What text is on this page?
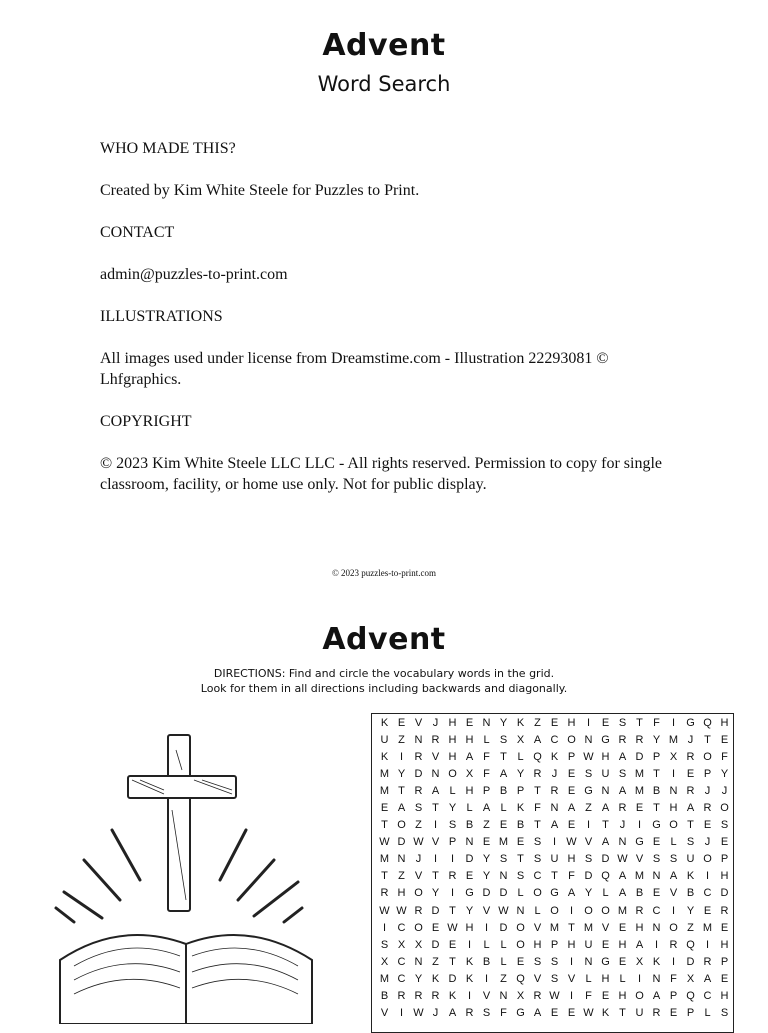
Advent
Word Search

WHO MADE THIS?

Created by Kim White Steele for Puzzles to Print.

CONTACT

admin@puzzles-to-print.com

ILLUSTRATIONS

All images used under license from Dreamstime.com - Illustration 22293081 © Lhfgraphics.

COPYRIGHT

© 2023 Kim White Steele LLC LLC - All rights reserved. Permission to copy for single classroom, facility, or home use only. Not for public display.

© 2023 puzzles-to-print.com
Advent
DIRECTIONS: Find and circle the vocabulary words in the grid.
Look for them in all directions including backwards and diagonally.
K E V J H E N Y K Z E H	I	E S T F	I	G Q H
U Z N R H H L S X A C O N G R R Y M J T E
K	I	R V H A F T L Q K P W H A D P X R O F
M Y D N O X F A Y R J E S U S M T	I	E P Y
M T R A L H P B P T R E G N A M B N R J	J
E A S T Y L A L K F N A Z A R E T H A R O
T O Z	I	S B Z E B T A E	I	T J	I	G O T E S
W D W V P N E M E S	I W V A N G E L S J E
M N J	I	I	D Y S T S U H S D W V S S U O P
T Z V T R E Y N S C T F D Q A M N A K	I	H
R H O Y	I	G D D L O G A Y L A B E V B C D
W W R D T Y V W N L O	I	O O M R C	I	Y E R
I	C O E W H	I	D O V M T M V E H N O Z M E
S X X D E	I	L L O H P H U E H A	I	R Q	I	H
X C N Z T K B L E S S	I	N G E X K	I	D R P
M C Y K D K	I	Z Q V S V L H L	I	N F X A E
B R R R K	I	V N X R W I	F E H O A P Q C H
V	I W J A R S F G A E E W K T U R E P L S
